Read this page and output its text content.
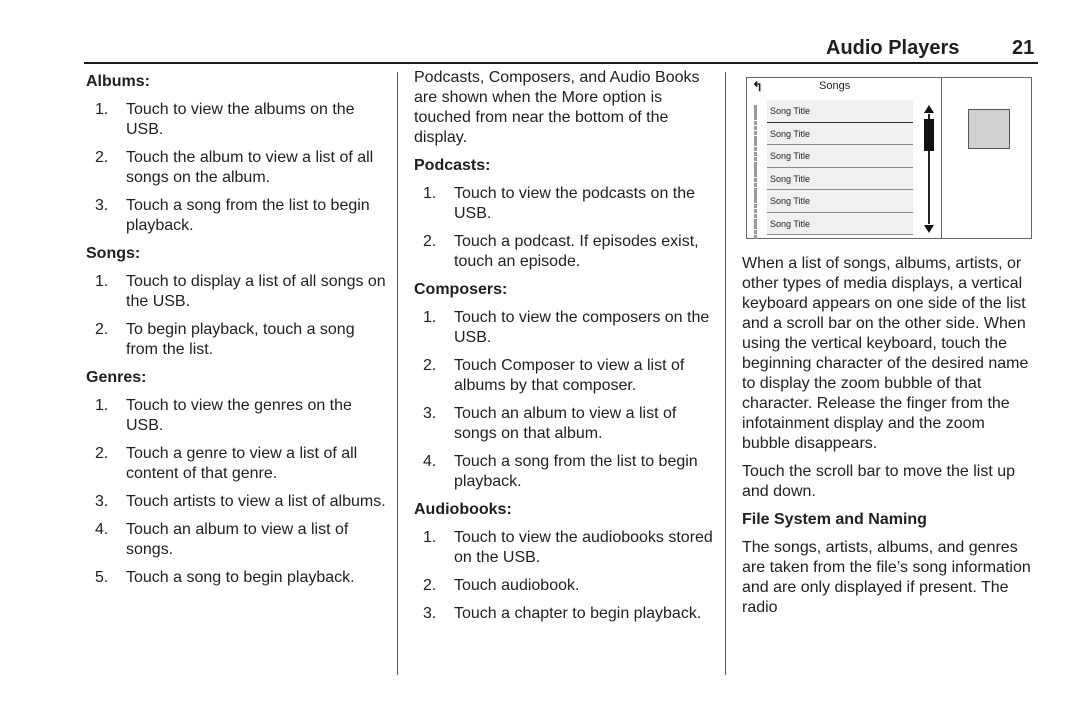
Audio Players	21
Albums:
1. Touch to view the albums on the USB.
2. Touch the album to view a list of all songs on the album.
3. Touch a song from the list to begin playback.
Songs:
1. Touch to display a list of all songs on the USB.
2. To begin playback, touch a song from the list.
Genres:
1. Touch to view the genres on the USB.
2. Touch a genre to view a list of all content of that genre.
3. Touch artists to view a list of albums.
4. Touch an album to view a list of songs.
5. Touch a song to begin playback.

Podcasts, Composers, and Audio Books are shown when the More option is touched from near the bottom of the display.

Podcasts:
1. Touch to view the podcasts on the USB.
2. Touch a podcast. If episodes exist, touch an episode.
Composers:
1. Touch to view the composers on the USB.
2. Touch Composer to view a list of albums by that composer.
3. Touch an album to view a list of songs on that album.
4. Touch a song from the list to begin playback.
Audiobooks:
1. Touch to view the audiobooks stored on the USB.
2. Touch audiobook.
3. Touch a chapter to begin playback.
↰	Songs
Song Title
Song Title
Song Title
Song Title
Song Title
Song Title

When a list of songs, albums, artists, or other types of media displays, a vertical keyboard appears on one side of the list and a scroll bar on the other side. When using the vertical keyboard, touch the beginning character of the desired name to display the zoom bubble of that character. Release the finger from the infotainment display and the zoom bubble disappears.

Touch the scroll bar to move the list up and down.

File System and Naming

The songs, artists, albums, and genres are taken from the file’s song information and are only displayed if present. The radio
